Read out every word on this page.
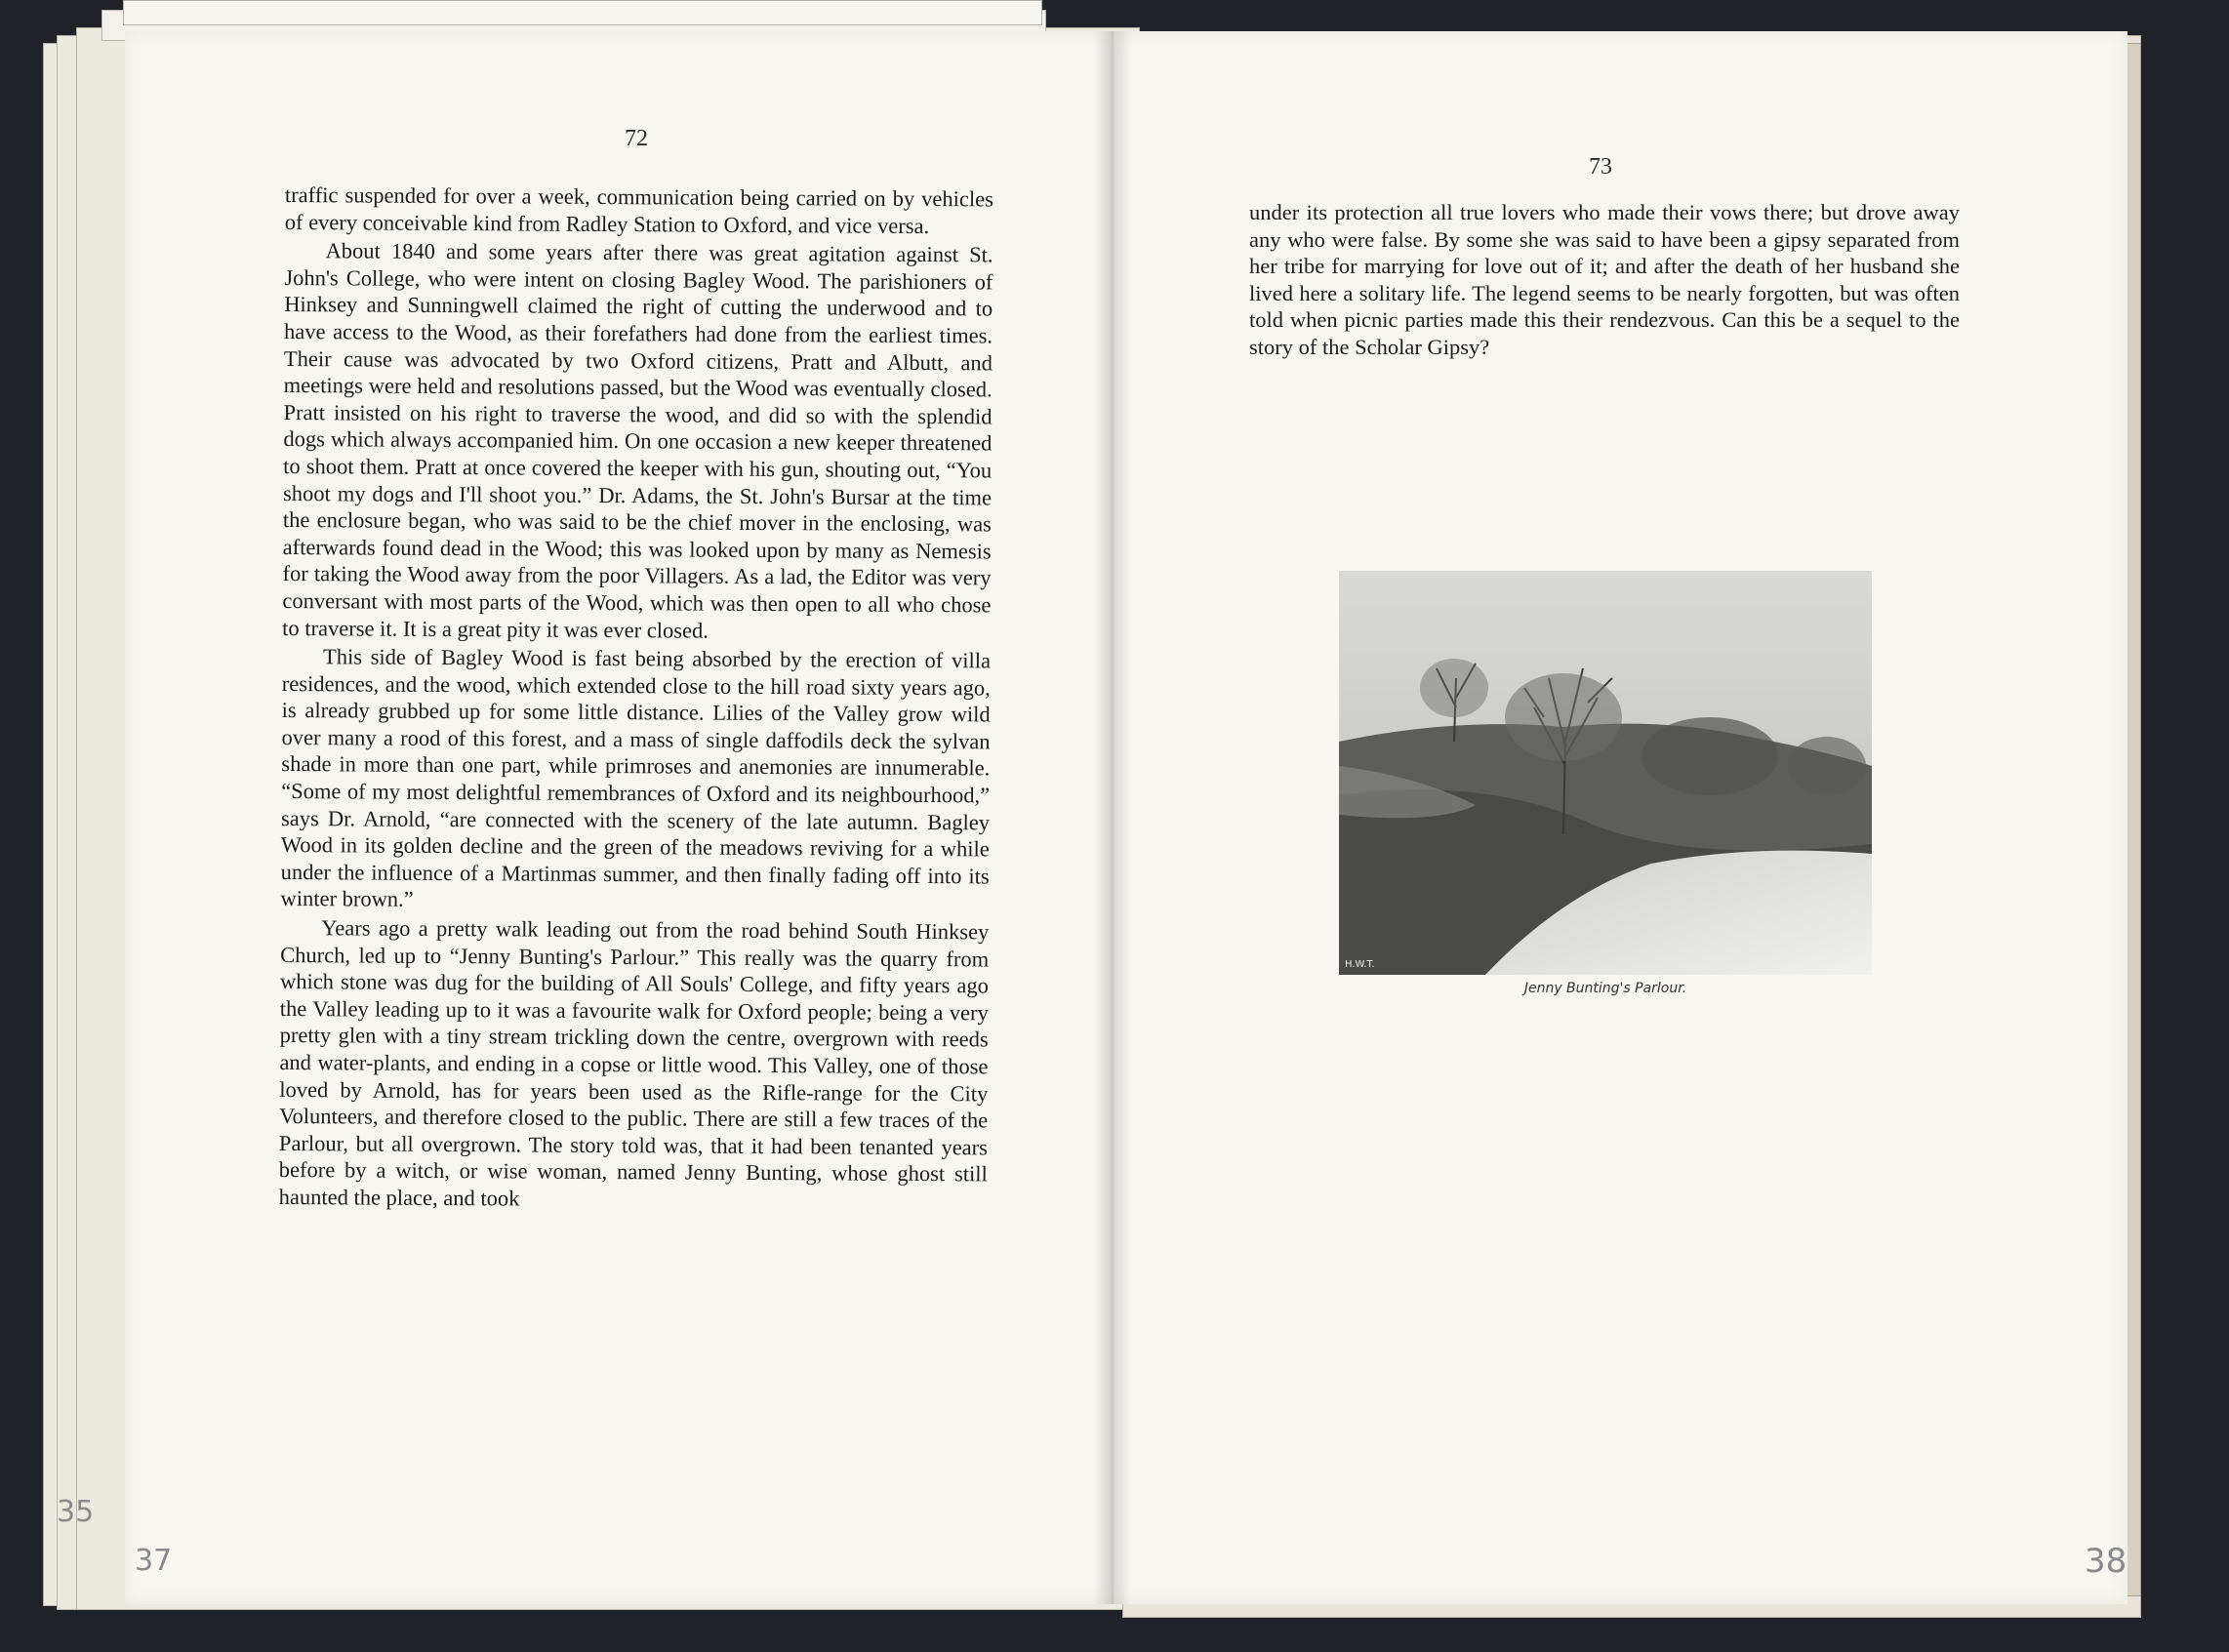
72
73

traffic suspended for over a week, communication being carried on by vehicles of every conceivable kind from Radley Station to Oxford, and vice versa.

About 1840 and some years after there was great agitation against St. John's College, who were intent on closing Bagley Wood. The parishioners of Hinksey and Sunningwell claimed the right of cutting the underwood and to have access to the Wood, as their forefathers had done from the earliest times. Their cause was advocated by two Oxford citizens, Pratt and Albutt, and meetings were held and resolutions passed, but the Wood was eventually closed. Pratt insisted on his right to traverse the wood, and did so with the splendid dogs which always accompanied him. On one occasion a new keeper threatened to shoot them. Pratt at once covered the keeper with his gun, shouting out, “You shoot my dogs and I'll shoot you.” Dr. Adams, the St. John's Bursar at the time the enclosure began, who was said to be the chief mover in the enclosing, was afterwards found dead in the Wood; this was looked upon by many as Nemesis for taking the Wood away from the poor Villagers. As a lad, the Editor was very conversant with most parts of the Wood, which was then open to all who chose to traverse it. It is a great pity it was ever closed.

This side of Bagley Wood is fast being absorbed by the erection of villa residences, and the wood, which extended close to the hill road sixty years ago, is already grubbed up for some little distance. Lilies of the Valley grow wild over many a rood of this forest, and a mass of single daffodils deck the sylvan shade in more than one part, while primroses and anemonies are innumerable. “Some of my most delightful remembrances of Oxford and its neighbourhood,” says Dr. Arnold, “are connected with the scenery of the late autumn. Bagley Wood in its golden decline and the green of the meadows reviving for a while under the influence of a Martinmas summer, and then finally fading off into its winter brown.”

Years ago a pretty walk leading out from the road behind South Hinksey Church, led up to “Jenny Bunting's Parlour.” This really was the quarry from which stone was dug for the building of All Souls' College, and fifty years ago the Valley leading up to it was a favourite walk for Oxford people; being a very pretty glen with a tiny stream trickling down the centre, overgrown with reeds and water-plants, and ending in a copse or little wood. This Valley, one of those loved by Arnold, has for years been used as the Rifle-range for the City Volunteers, and therefore closed to the public. There are still a few traces of the Parlour, but all overgrown. The story told was, that it had been tenanted years before by a witch, or wise woman, named Jenny Bunting, whose ghost still haunted the place, and took

under its protection all true lovers who made their vows there; but drove away any who were false. By some she was said to have been a gipsy separated from her tribe for marrying for love out of it; and after the death of her husband she lived here a solitary life. The legend seems to be nearly forgotten, but was often told when picnic parties made this their rendezvous. Can this be a sequel to the story of the Scholar Gipsy?

H.W.T.
Jenny Bunting's Parlour.
35
37	38
